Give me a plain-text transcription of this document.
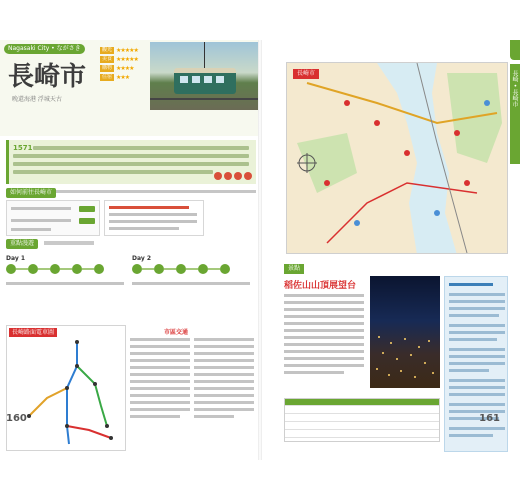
Nagasaki City • ながさき
長崎市
晚還海港 浮城天古
觀光 ★★★★★
美食 ★★★★★
購物 ★★★★
住宿 ★★★
1571
如何前往長崎市
重點漫遊
Day 1	Day 2
長崎路面電車圖	市區交通
160
長崎 • 長崎市
長崎市
景點
稻佐山山頂展望台
161
